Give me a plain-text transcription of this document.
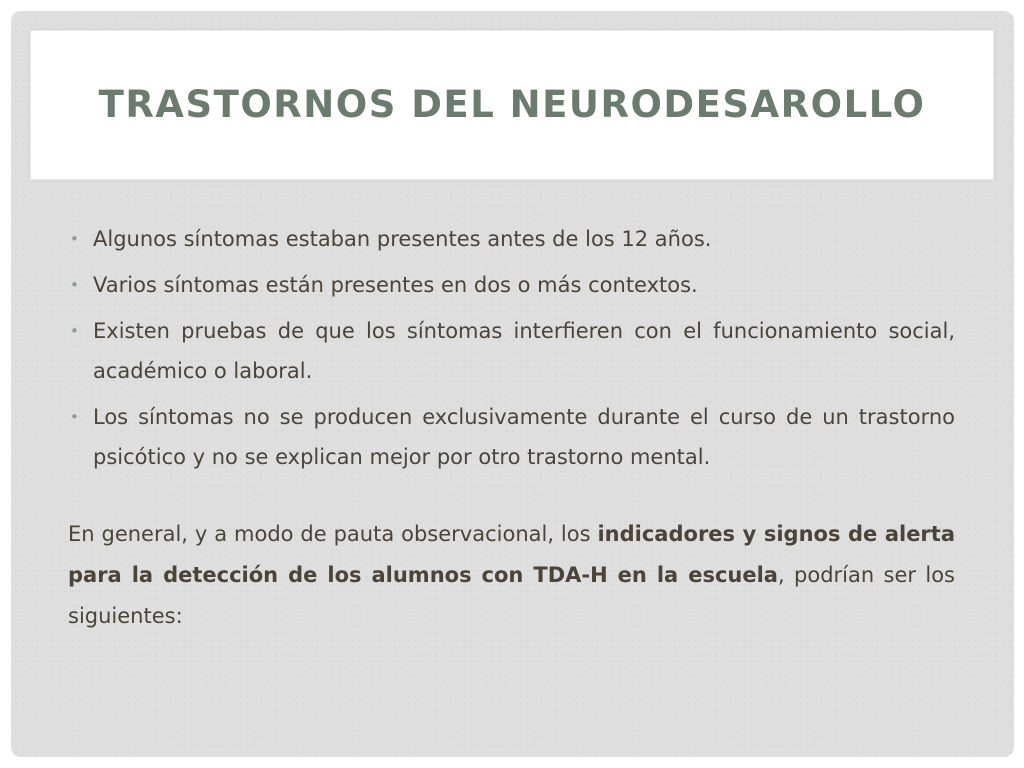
TRASTORNOS DEL NEURODESAROLLO
• Algunos síntomas estaban presentes antes de los 12 años.
• Varios síntomas están presentes en dos o más contextos.
• Existen pruebas de que los síntomas interfieren con el funcionamiento social, académico o laboral.
• Los síntomas no se producen exclusivamente durante el curso de un trastorno psicótico y no se explican mejor por otro trastorno mental.

En general, y a modo de pauta observacional, los indicadores y signos de alerta para la detección de los alumnos con TDA-H en la escuela, podrían ser los siguientes:
